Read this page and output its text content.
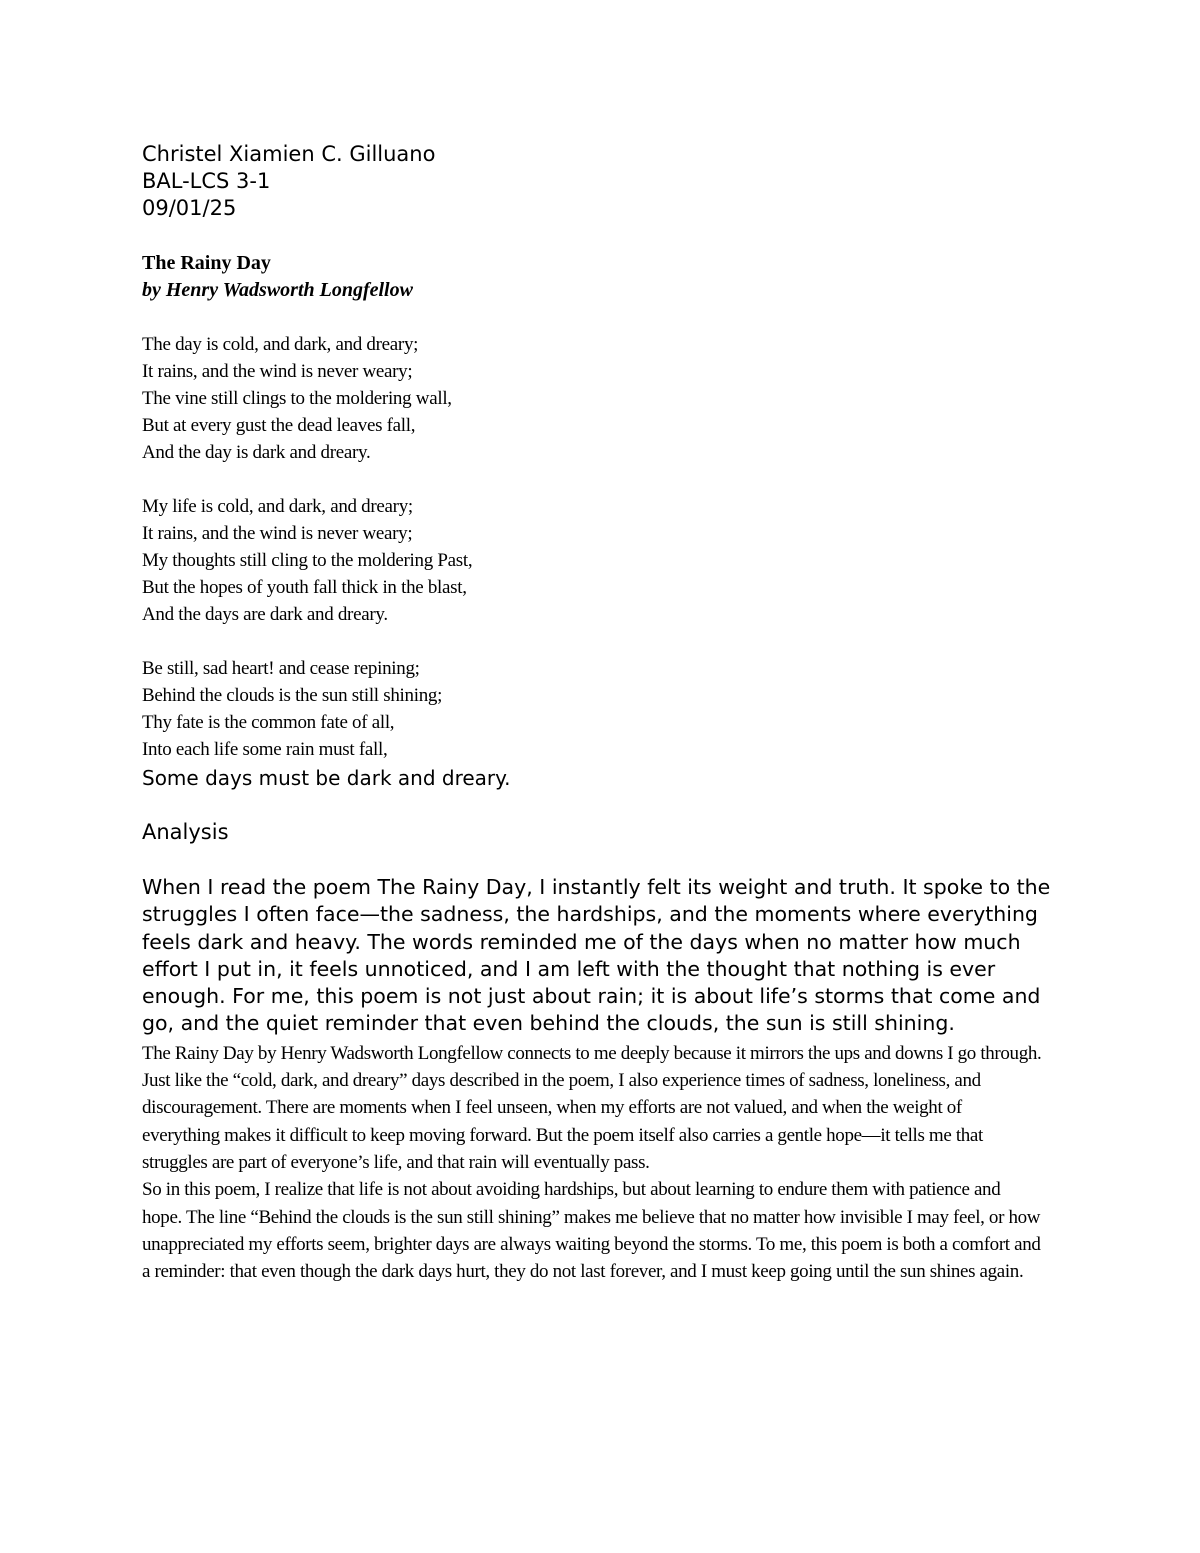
Christel Xiamien C. Gilluano
BAL-LCS 3-1
09/01/25
The Rainy Day
by Henry Wadsworth Longfellow
The day is cold, and dark, and dreary;
It rains, and the wind is never weary;
The vine still clings to the moldering wall,
But at every gust the dead leaves fall,
And the day is dark and dreary.
My life is cold, and dark, and dreary;
It rains, and the wind is never weary;
My thoughts still cling to the moldering Past,
But the hopes of youth fall thick in the blast,
And the days are dark and dreary.
Be still, sad heart! and cease repining;
Behind the clouds is the sun still shining;
Thy fate is the common fate of all,
Into each life some rain must fall,
Some days must be dark and dreary.
Analysis
When I read the poem The Rainy Day, I instantly felt its weight and truth. It spoke to the struggles I often face—the sadness, the hardships, and the moments where everything feels dark and heavy. The words reminded me of the days when no matter how much effort I put in, it feels unnoticed, and I am left with the thought that nothing is ever enough. For me, this poem is not just about rain; it is about life’s storms that come and go, and the quiet reminder that even behind the clouds, the sun is still shining.
The Rainy Day by Henry Wadsworth Longfellow connects to me deeply because it mirrors the ups and downs I go through. Just like the “cold, dark, and dreary” days described in the poem, I also experience times of sadness, loneliness, and discouragement. There are moments when I feel unseen, when my efforts are not valued, and when the weight of everything makes it difficult to keep moving forward. But the poem itself also carries a gentle hope—it tells me that struggles are part of everyone’s life, and that rain will eventually pass.
So in this poem, I realize that life is not about avoiding hardships, but about learning to endure them with patience and hope. The line “Behind the clouds is the sun still shining” makes me believe that no matter how invisible I may feel, or how unappreciated my efforts seem, brighter days are always waiting beyond the storms. To me, this poem is both a comfort and a reminder: that even though the dark days hurt, they do not last forever, and I must keep going until the sun shines again.
